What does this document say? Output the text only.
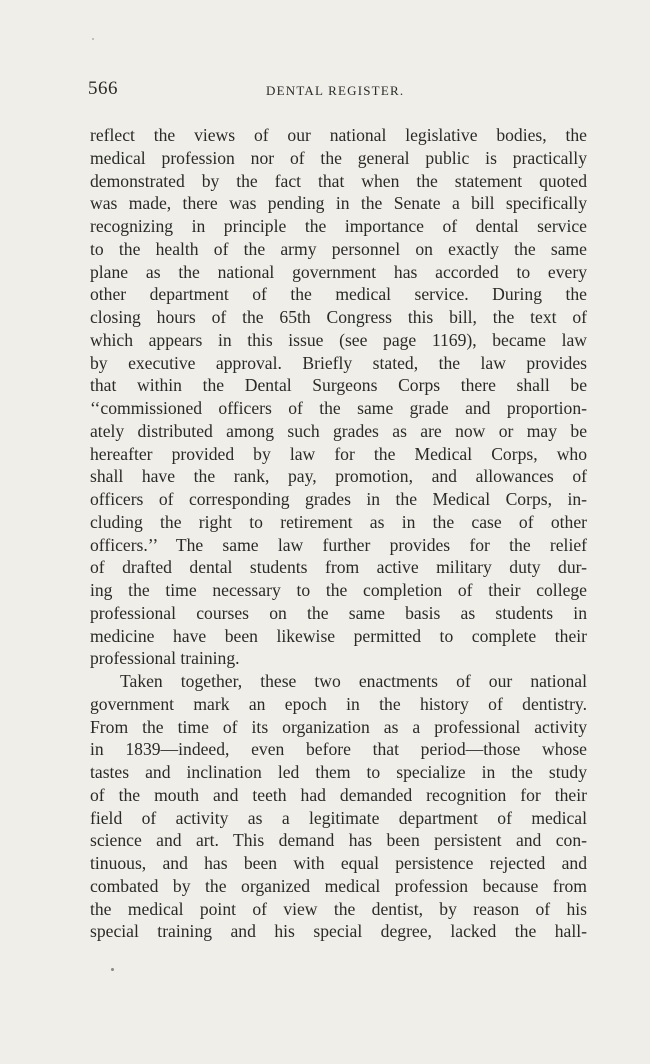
566	DENTAL REGISTER.
reflect the views of our national legislative bodies, the
medical profession nor of the general public is practically
demonstrated by the fact that when the statement quoted
was made, there was pending in the Senate a bill specifically
recognizing in principle the importance of dental service
to the health of the army personnel on exactly the same
plane as the national government has accorded to every
other department of the medical service. During the
closing hours of the 65th Congress this bill, the text of
which appears in this issue (see page 1169), became law
by executive approval. Briefly stated, the law provides
that within the Dental Surgeons Corps there shall be
‘‘commissioned officers of the same grade and proportion-
ately distributed among such grades as are now or may be
hereafter provided by law for the Medical Corps, who
shall have the rank, pay, promotion, and allowances of
officers of corresponding grades in the Medical Corps, in-
cluding the right to retirement as in the case of other
officers.’’ The same law further provides for the relief
of drafted dental students from active military duty dur-
ing the time necessary to the completion of their college
professional courses on the same basis as students in
medicine have been likewise permitted to complete their
professional training.
Taken together, these two enactments of our national
government mark an epoch in the history of dentistry.
From the time of its organization as a professional activity
in 1839—indeed, even before that period—those whose
tastes and inclination led them to specialize in the study
of the mouth and teeth had demanded recognition for their
field of activity as a legitimate department of medical
science and art. This demand has been persistent and con-
tinuous, and has been with equal persistence rejected and
combated by the organized medical profession because from
the medical point of view the dentist, by reason of his
special training and his special degree, lacked the hall-
